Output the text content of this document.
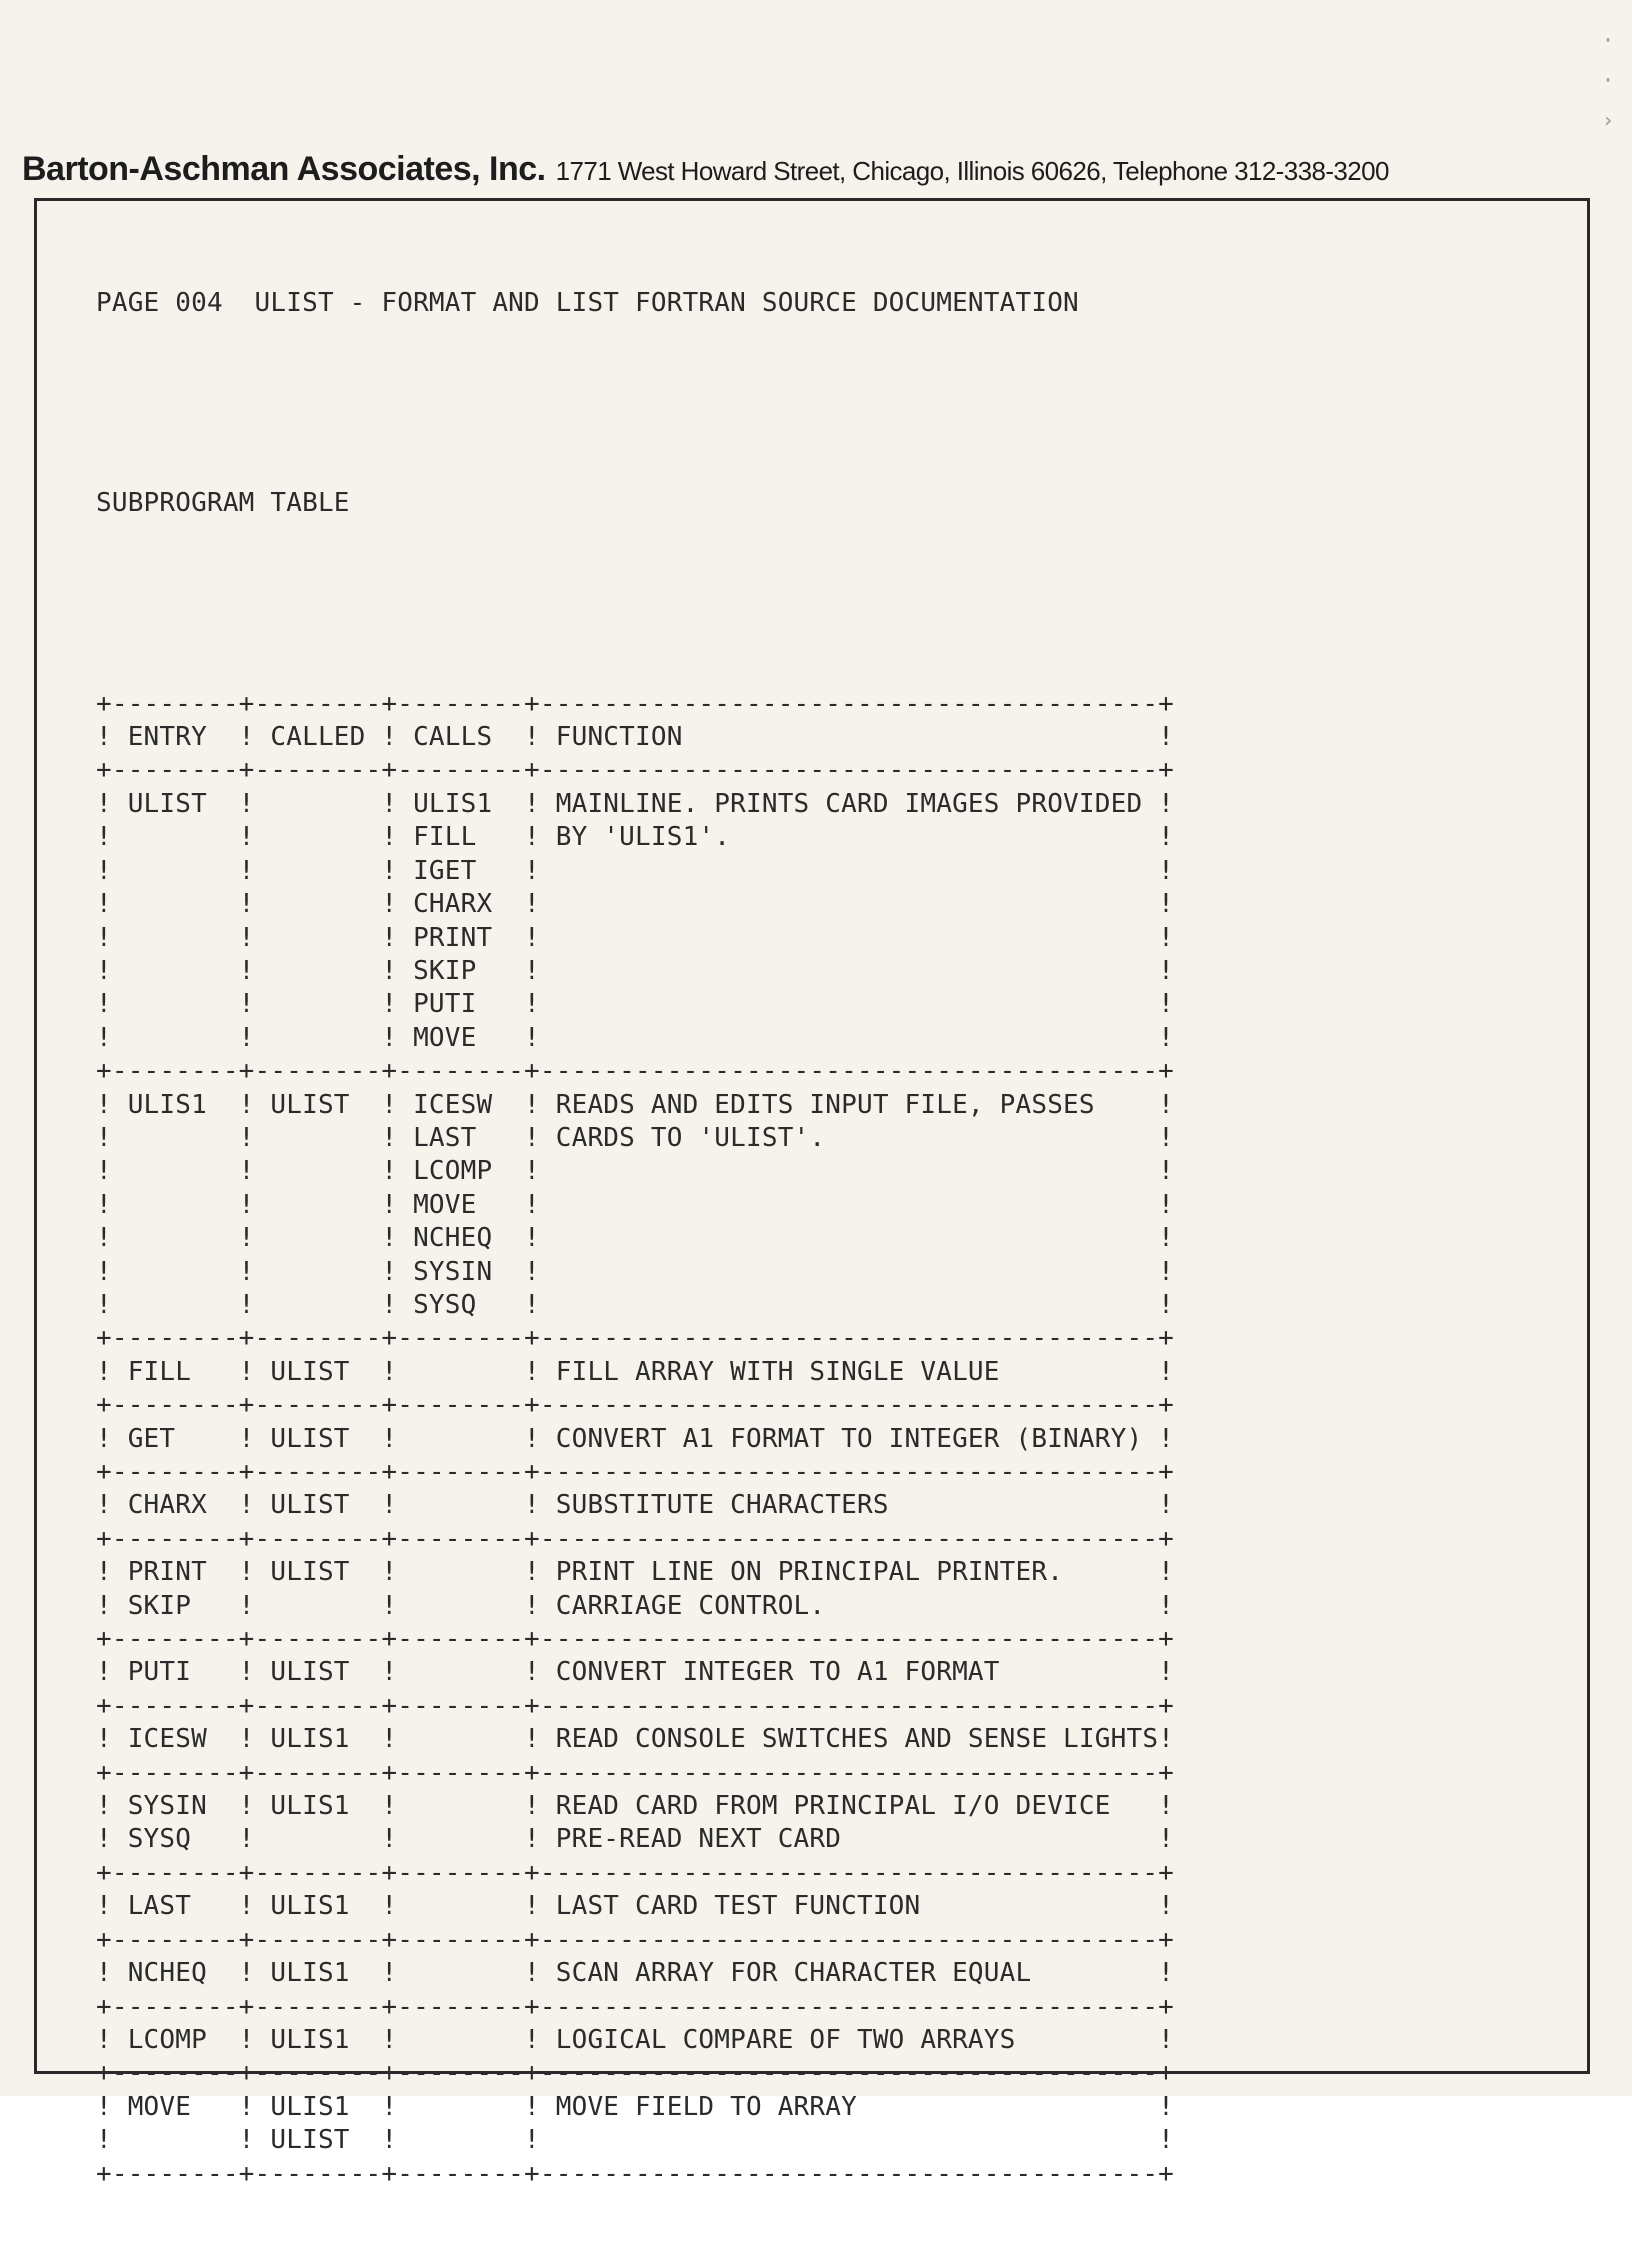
·
·
›
Barton-Aschman Associates, Inc. 1771 West Howard Street, Chicago, Illinois 60626, Telephone 312-338-3200

PAGE 004  ULIST - FORMAT AND LIST FORTRAN SOURCE DOCUMENTATION

SUBPROGRAM TABLE

+--------+--------+--------+---------------------------------------+
! ENTRY  ! CALLED ! CALLS  ! FUNCTION                              !
+--------+--------+--------+---------------------------------------+
! ULIST  !        ! ULIS1  ! MAINLINE. PRINTS CARD IMAGES PROVIDED !
!        !        ! FILL   ! BY 'ULIS1'.                           !
!        !        ! IGET   !                                       !
!        !        ! CHARX  !                                       !
!        !        ! PRINT  !                                       !
!        !        ! SKIP   !                                       !
!        !        ! PUTI   !                                       !
!        !        ! MOVE   !                                       !
+--------+--------+--------+---------------------------------------+
! ULIS1  ! ULIST  ! ICESW  ! READS AND EDITS INPUT FILE, PASSES    !
!        !        ! LAST   ! CARDS TO 'ULIST'.                     !
!        !        ! LCOMP  !                                       !
!        !        ! MOVE   !                                       !
!        !        ! NCHEQ  !                                       !
!        !        ! SYSIN  !                                       !
!        !        ! SYSQ   !                                       !
+--------+--------+--------+---------------------------------------+
! FILL   ! ULIST  !        ! FILL ARRAY WITH SINGLE VALUE          !
+--------+--------+--------+---------------------------------------+
! GET    ! ULIST  !        ! CONVERT A1 FORMAT TO INTEGER (BINARY) !
+--------+--------+--------+---------------------------------------+
! CHARX  ! ULIST  !        ! SUBSTITUTE CHARACTERS                 !
+--------+--------+--------+---------------------------------------+
! PRINT  ! ULIST  !        ! PRINT LINE ON PRINCIPAL PRINTER.      !
! SKIP   !        !        ! CARRIAGE CONTROL.                     !
+--------+--------+--------+---------------------------------------+
! PUTI   ! ULIST  !        ! CONVERT INTEGER TO A1 FORMAT          !
+--------+--------+--------+---------------------------------------+
! ICESW  ! ULIS1  !        ! READ CONSOLE SWITCHES AND SENSE LIGHTS!
+--------+--------+--------+---------------------------------------+
! SYSIN  ! ULIS1  !        ! READ CARD FROM PRINCIPAL I/O DEVICE   !
! SYSQ   !        !        ! PRE-READ NEXT CARD                    !
+--------+--------+--------+---------------------------------------+
! LAST   ! ULIS1  !        ! LAST CARD TEST FUNCTION               !
+--------+--------+--------+---------------------------------------+
! NCHEQ  ! ULIS1  !        ! SCAN ARRAY FOR CHARACTER EQUAL        !
+--------+--------+--------+---------------------------------------+
! LCOMP  ! ULIS1  !        ! LOGICAL COMPARE OF TWO ARRAYS         !
+--------+--------+--------+---------------------------------------+
! MOVE   ! ULIS1  !        ! MOVE FIELD TO ARRAY                   !
!        ! ULIST  !        !                                       !
+--------+--------+--------+---------------------------------------+
